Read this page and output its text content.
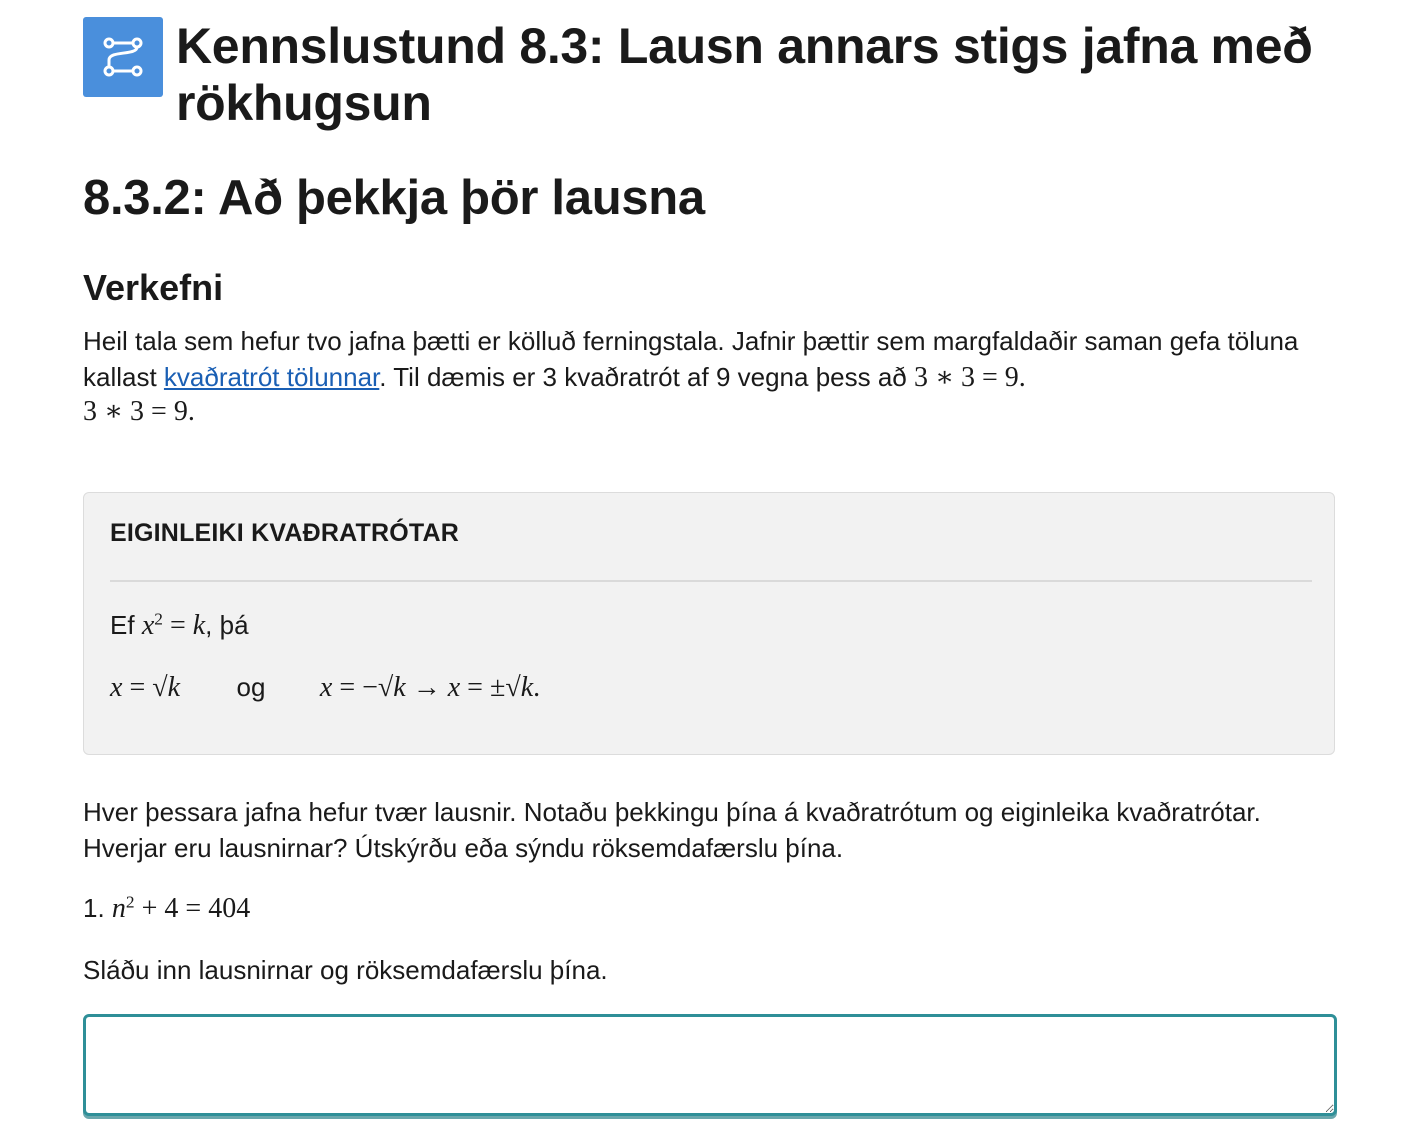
Kennslustund 8.3: Lausn annars stigs jafna með rökhugsun
8.3.2: Að þekkja þör lausna
Verkefni

Heil tala sem hefur tvo jafna þætti er kölluð ferningstala. Jafnir þættir sem margfaldaðir saman gefa töluna kallast kvaðratrót tölunnar. Til dæmis er 3 kvaðratrót af 9 vegna þess að 3 ∗ 3 = 9.

3 ∗ 3 = 9.

EIGINLEIKI KVAÐRATRÓTAR

Ef $x^2 = k$, þá

x = √k og x = −√k → x = ±√k.

Hver þessara jafna hefur tvær lausnir. Notaðu þekkingu þína á kvaðratrótum og eiginleika kvaðratrótar. Hverjar eru lausnirnar? Útskýrðu eða sýndu röksemdafærslu þína.

1. $n^2 + 4 = 404$

Sláðu inn lausnirnar og röksemdafærslu þína.
